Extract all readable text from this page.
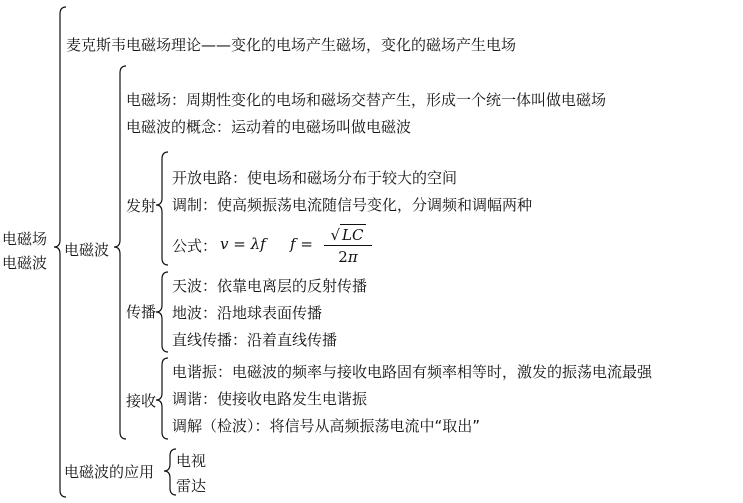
电磁场
电磁波
麦克斯韦电磁场理论——变化的电场产生磁场，变化的磁场产生电场
电磁波
电磁场：周期性变化的电场和磁场交替产生，形成一个统一体叫做电磁场
电磁波的概念：运动着的电磁场叫做电磁波
发射
开放电路：使电场和磁场分布于较大的空间
调制：使高频振荡电流随信号变化，分调频和调幅两种
公式： v = λf f =	√ LC
2π
传播
天波：依靠电离层的反射传播
地波：沿地球表面传播
直线传播：沿着直线传播
接收
电谐振：电磁波的频率与接收电路固有频率相等时，激发的振荡电流最强
调谐：使接收电路发生电谐振
调解（检波）：将信号从高频振荡电流中“取出”
电磁波的应用
电视
雷达
